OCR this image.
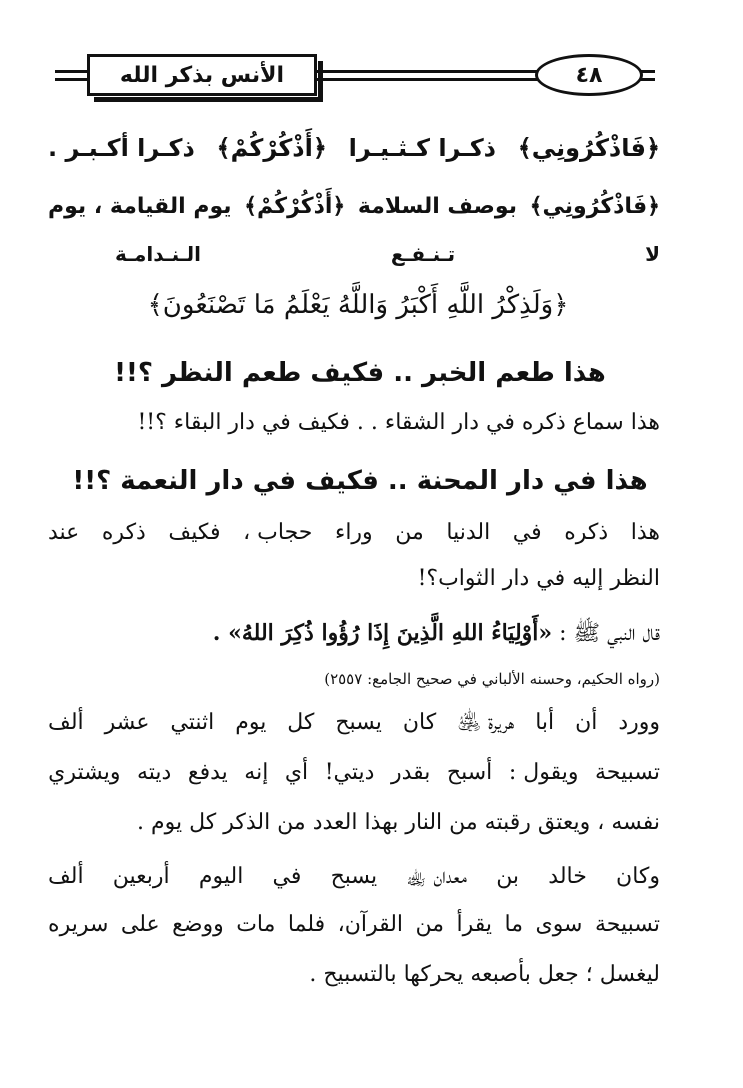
الأنس بذكر الله	٤٨
﴿فَاذْكُرُونِي﴾
ذكـرا كـثـيـرا
﴿أَذْكُرْكُمْ﴾
ذكـرا أكـبـر .
﴿فَاذْكُرُونِي﴾
بوصف السلامة
﴿أَذْكُرْكُمْ﴾
يوم القيامة ، يوم
لا
تـنـفـع
الـنـدامـة
﴿وَلَذِكْرُ اللَّهِ أَكْبَرُ وَاللَّهُ يَعْلَمُ مَا تَصْنَعُونَ﴾
هذا طعم الخبر .. فكيف طعم النظر ؟!!
هذا سماع ذكره في دار الشقاء . . فكيف في دار البقاء ؟!!
هذا في دار المحنة .. فكيف في دار النعمة ؟!!
هذا
ذكره
في
الدنيا
من
وراء
حجاب ،
فكيف
ذكره
عند
النظر إليه في دار الثواب؟!
قال النبي ﷺ : «أَوْلِيَاءُ اللهِ الَّذِينَ إِذَا رُؤُوا ذُكِرَ اللهُ» .
(رواه الحكيم، وحسنه الألباني في صحيح الجامع: ٢٥٥٧)
وورد
أن
أبا
هريرة ﵁
كان
يسبح
كل
يوم
اثنتي
عشر
ألف
تسبيحة
ويقول :
أسبح
بقدر
ديتي!
أي
إنه
يدفع
ديته
ويشتري
نفسه ، ويعتق رقبته من النار بهذا العدد من الذكر كل يوم .
وكان
خالد
بن
معدان ﵀
يسبح
في
اليوم
أربعين
ألف
تسبيحة
سوى
ما
يقرأ
من
القرآن،
فلما
مات
ووضع
على
سريره
ليغسل ؛ جعل بأصبعه يحركها بالتسبيح .
